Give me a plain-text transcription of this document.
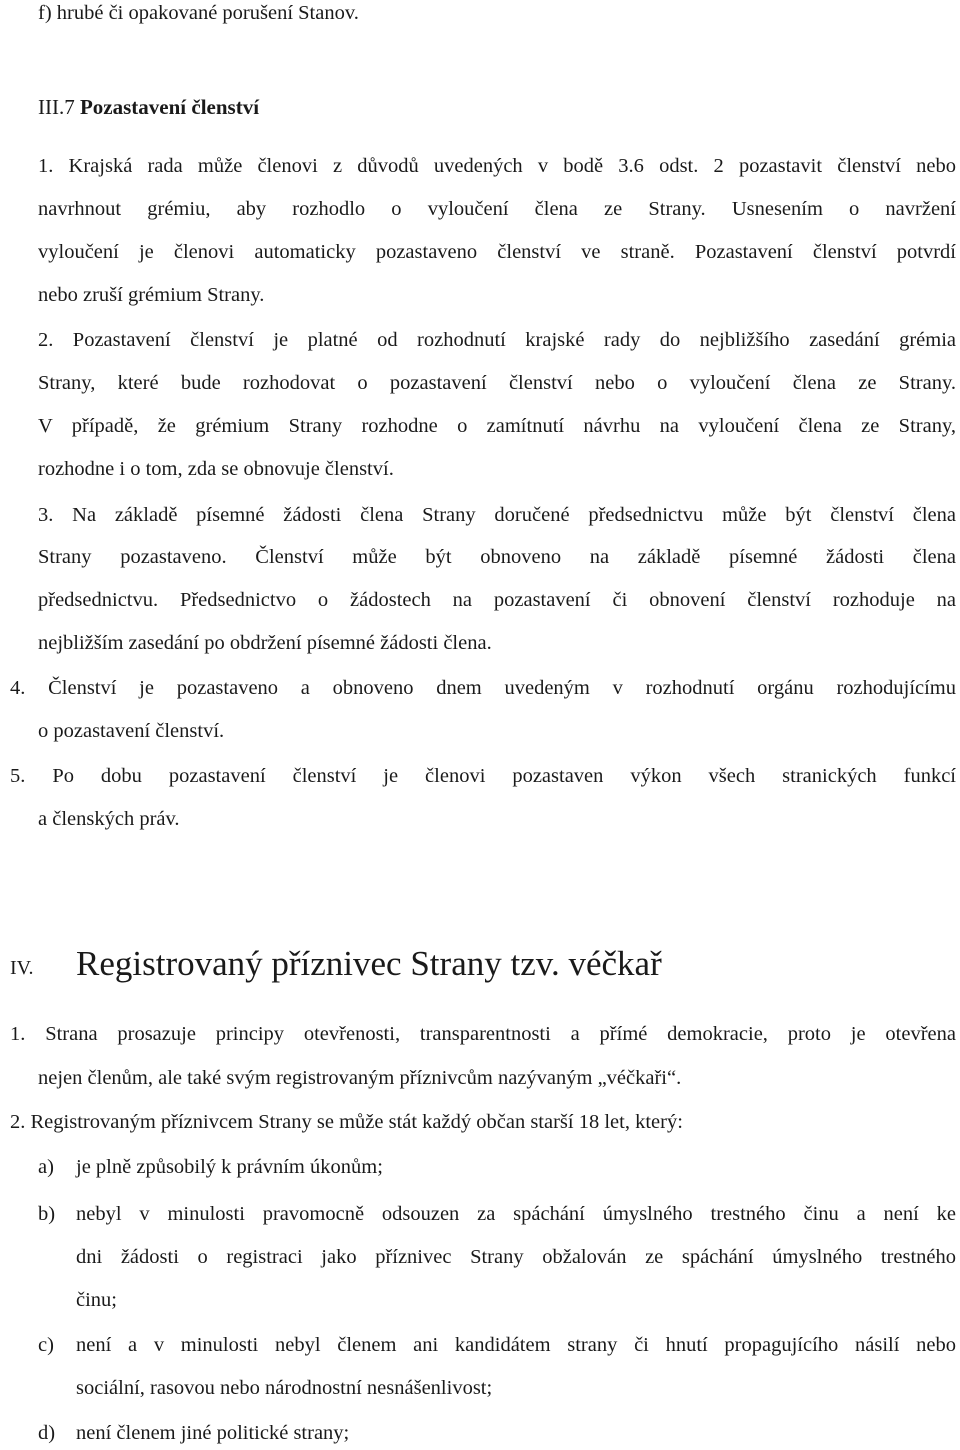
f) hrubé či opakované porušení Stanov.
III.7 Pozastavení členství
1. Krajská rada může členovi z důvodů uvedených v bodě 3.6 odst. 2 pozastavit členství nebo
navrhnout grémiu, aby rozhodlo o vyloučení člena ze Strany. Usnesením o navržení
vyloučení je členovi automaticky pozastaveno členství ve straně. Pozastavení členství potvrdí
nebo zruší grémium Strany.
2. Pozastavení členství je platné od rozhodnutí krajské rady do nejbližšího zasedání grémia
Strany, které bude rozhodovat o pozastavení členství nebo o vyloučení člena ze Strany.
V případě, že grémium Strany rozhodne o zamítnutí návrhu na vyloučení člena ze Strany,
rozhodne i o tom, zda se obnovuje členství.
3. Na základě písemné žádosti člena Strany doručené předsednictvu může být členství člena
Strany pozastaveno. Členství může být obnoveno na základě písemné žádosti člena
předsednictvu. Předsednictvo o žádostech na pozastavení či obnovení členství rozhoduje na
nejbližším zasedání po obdržení písemné žádosti člena.
4. Členství je pozastaveno a obnoveno dnem uvedeným v rozhodnutí orgánu rozhodujícímu
o pozastavení členství.
5. Po dobu pozastavení členství je členovi pozastaven výkon všech stranických funkcí
a členských práv.
IV. Registrovaný příznivec Strany tzv. véčkař
1. Strana prosazuje principy otevřenosti, transparentnosti a přímé demokracie, proto je otevřena
nejen členům, ale také svým registrovaným příznivcům nazývaným „véčkaři“.
2. Registrovaným příznivcem Strany se může stát každý občan starší 18 let, který:
a) je plně způsobilý k právním úkonům;
b) nebyl v minulosti pravomocně odsouzen za spáchání úmyslného trestného činu a není ke
dni žádosti o registraci jako příznivec Strany obžalován ze spáchání úmyslného trestného
činu;
c) není a v minulosti nebyl členem ani kandidátem strany či hnutí propagujícího násilí nebo
sociální, rasovou nebo národnostní nesnášenlivost;
d) není členem jiné politické strany;
